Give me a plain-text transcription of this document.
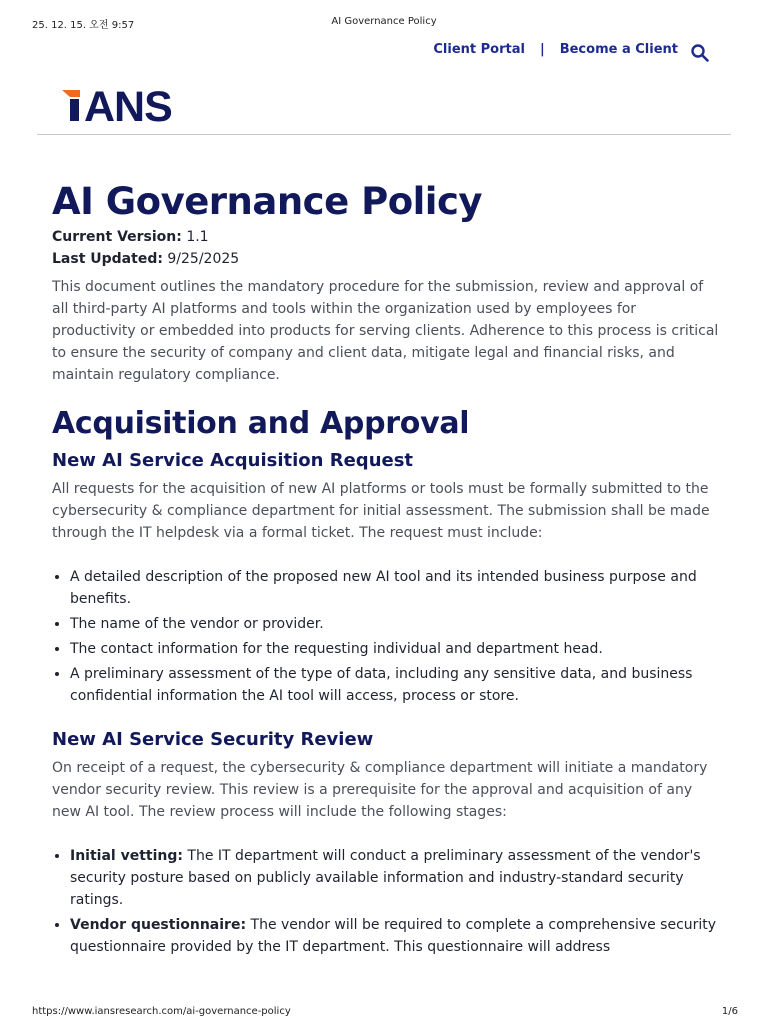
25. 12. 15. 오전 9:57	AI Governance Policy
Client Portal | Become a Client
ANS
AI Governance Policy
Current Version: 1.1
Last Updated: 9/25/2025

This document outlines the mandatory procedure for the submission, review and approval of all third-party AI platforms and tools within the organization used by employees for productivity or embedded into products for serving clients. Adherence to this process is critical to ensure the security of company and client data, mitigate legal and financial risks, and maintain regulatory compliance.

Acquisition and Approval
New AI Service Acquisition Request

All requests for the acquisition of new AI platforms or tools must be formally submitted to the cybersecurity & compliance department for initial assessment. The submission shall be made through the IT helpdesk via a formal ticket. The request must include:

• A detailed description of the proposed new AI tool and its intended business purpose and benefits.
• The name of the vendor or provider.
• The contact information for the requesting individual and department head.
• A preliminary assessment of the type of data, including any sensitive data, and business confidential information the AI tool will access, process or store.
New AI Service Security Review

On receipt of a request, the cybersecurity & compliance department will initiate a mandatory vendor security review. This review is a prerequisite for the approval and acquisition of any new AI tool. The review process will include the following stages:

• Initial vetting: The IT department will conduct a preliminary assessment of the vendor's security posture based on publicly available information and industry-standard security ratings.
• Vendor questionnaire: The vendor will be required to complete a comprehensive security questionnaire provided by the IT department. This questionnaire will address
https://www.iansresearch.com/ai-governance-policy	1/6
